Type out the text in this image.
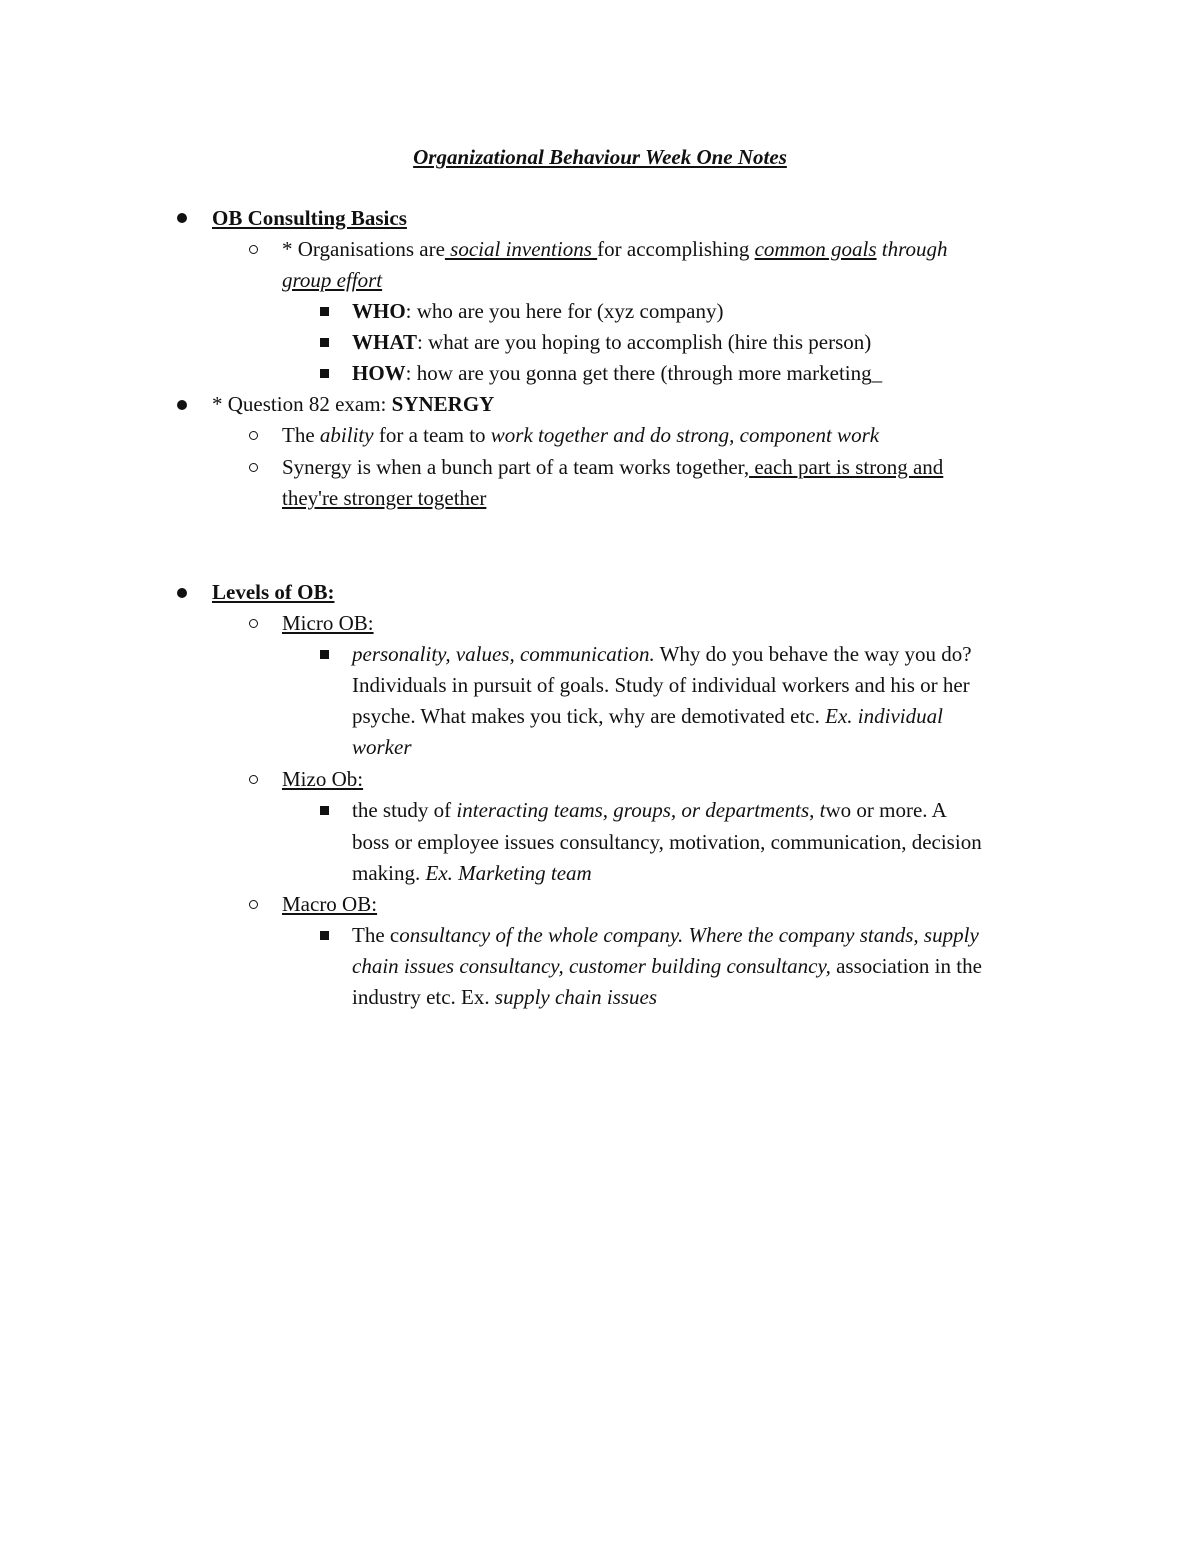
Organizational Behaviour Week One Notes
OB Consulting Basics
* Organisations are social inventions for accomplishing common goals through
group effort
WHO: who are you here for (xyz company)
WHAT: what are you hoping to accomplish (hire this person)
HOW: how are you gonna get there (through more marketing_
* Question 82 exam: SYNERGY
The ability for a team to work together and do strong, component work
Synergy is when a bunch part of a team works together, each part is strong and
they're stronger together
Levels of OB:
Micro OB:
personality, values, communication. Why do you behave the way you do?
Individuals in pursuit of goals. Study of individual workers and his or her
psyche. What makes you tick, why are demotivated etc. Ex. individual
worker
Mizo Ob:
the study of interacting teams, groups, or departments, two or more. A
boss or employee issues consultancy, motivation, communication, decision
making. Ex. Marketing team
Macro OB:
The consultancy of the whole company. Where the company stands, supply
chain issues consultancy, customer building consultancy, association in the
industry etc. Ex. supply chain issues
